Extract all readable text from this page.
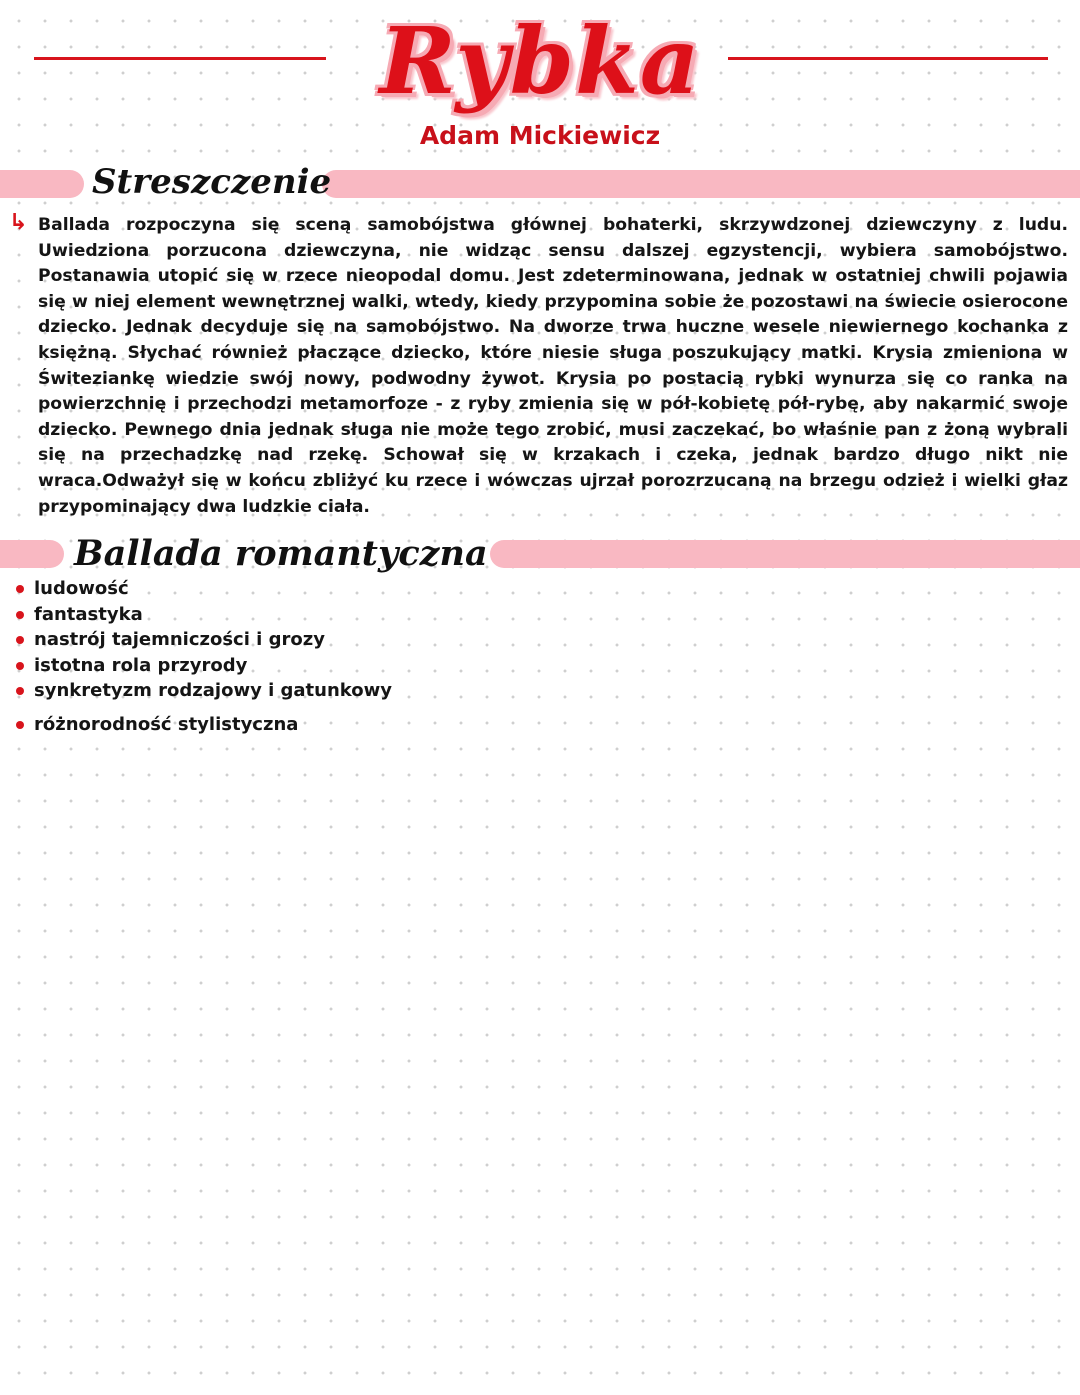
Rybka
Adam Mickiewicz
Streszczenie
↳ Ballada rozpoczyna się sceną samobójstwa głównej bohaterki, skrzywdzonej dziewczyny z ludu. Uwiedziona porzucona dziewczyna, nie widząc sensu dalszej egzystencji, wybiera samobójstwo. Postanawia utopić się w rzece nieopodal domu. Jest zdeterminowana, jednak w ostatniej chwili pojawia się w niej element wewnętrznej walki, wtedy, kiedy przypomina sobie że pozostawi na świecie osierocone dziecko. Jednak decyduje się na samobójstwo. Na dworze trwa huczne wesele niewiernego kochanka z księżną. Słychać również płaczące dziecko, które niesie sługa poszukujący matki. Krysia zmieniona w Świteziankę wiedzie swój nowy, podwodny żywot. Krysia po postacią rybki wynurza się co ranka na powierzchnię i przechodzi metamorfoze - z ryby zmienia się w pół-kobietę pół-rybę, aby nakarmić swoje dziecko. Pewnego dnia jednak sługa nie może tego zrobić, musi zaczekać, bo właśnie pan z żoną wybrali się na przechadzkę nad rzekę. Schował się w krzakach i czeka, jednak bardzo długo nikt nie wraca.Odważył się w końcu zbliżyć ku rzece i wówczas ujrzał porozrzucaną na brzegu odzież i wielki głaz przypominający dwa ludzkie ciała.

Ballada romantyczna
ludowość
fantastyka
nastrój tajemniczości i grozy
istotna rola przyrody
synkretyzm rodzajowy i gatunkowy
różnorodność stylistyczna
